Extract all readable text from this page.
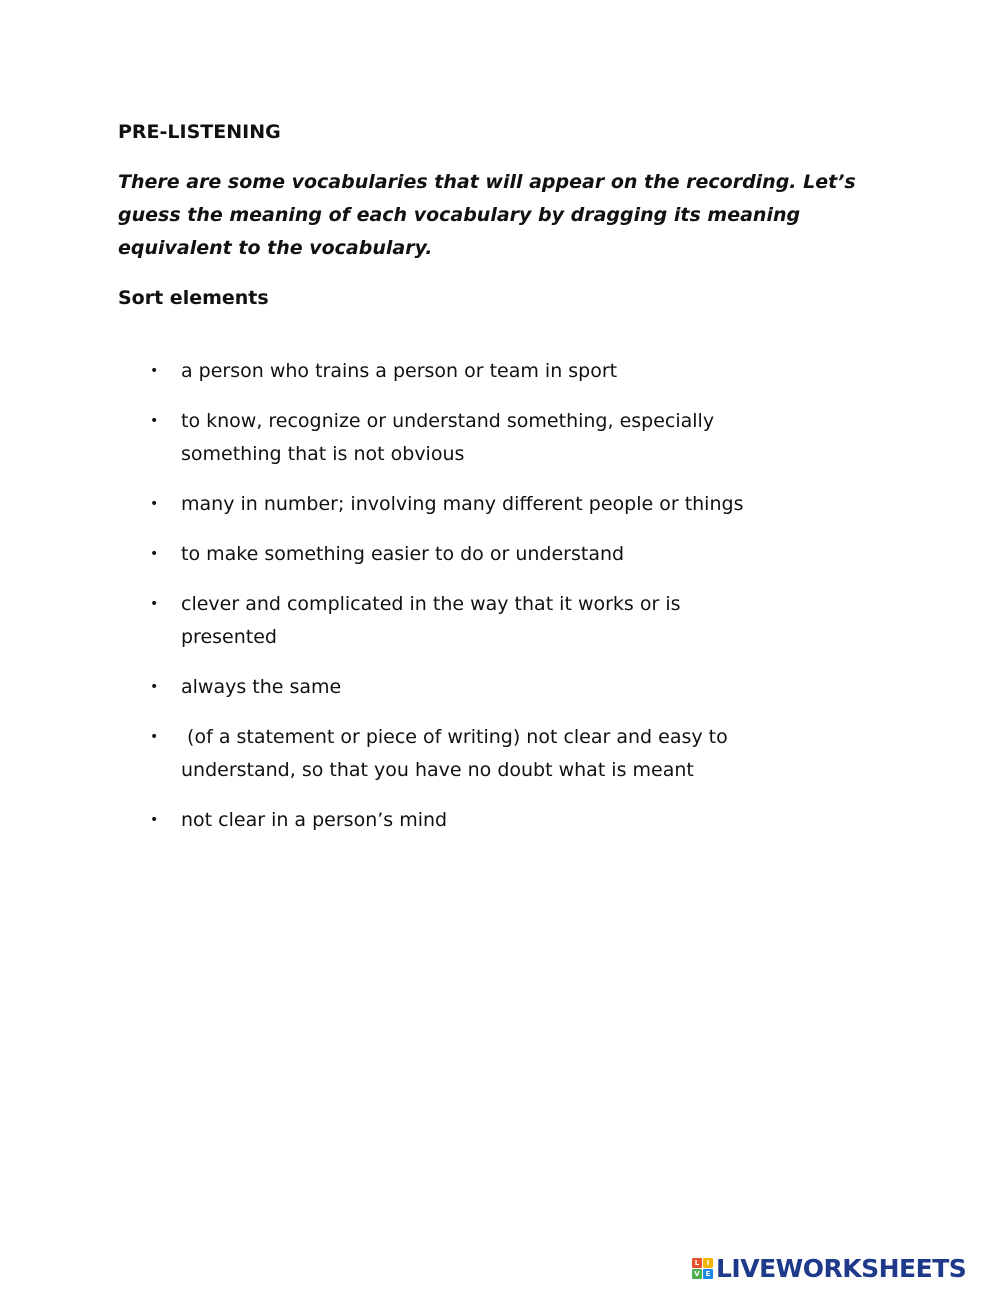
PRE-LISTENING
There are some vocabularies that will appear on the recording. Let’s guess the meaning of each vocabulary by dragging its meaning equivalent to the vocabulary.
Sort elements
• a person who trains a person or team in sport
• to know, recognize or understand something, especially something that is not obvious
• many in number; involving many different people or things
• to make something easier to do or understand
• clever and complicated in the way that it works or is presented
• always the same
• (of a statement or piece of writing) not clear and easy to understand, so that you have no doubt what is meant
• not clear in a person’s mind
L	I
V E LIVEWORKSHEETS
